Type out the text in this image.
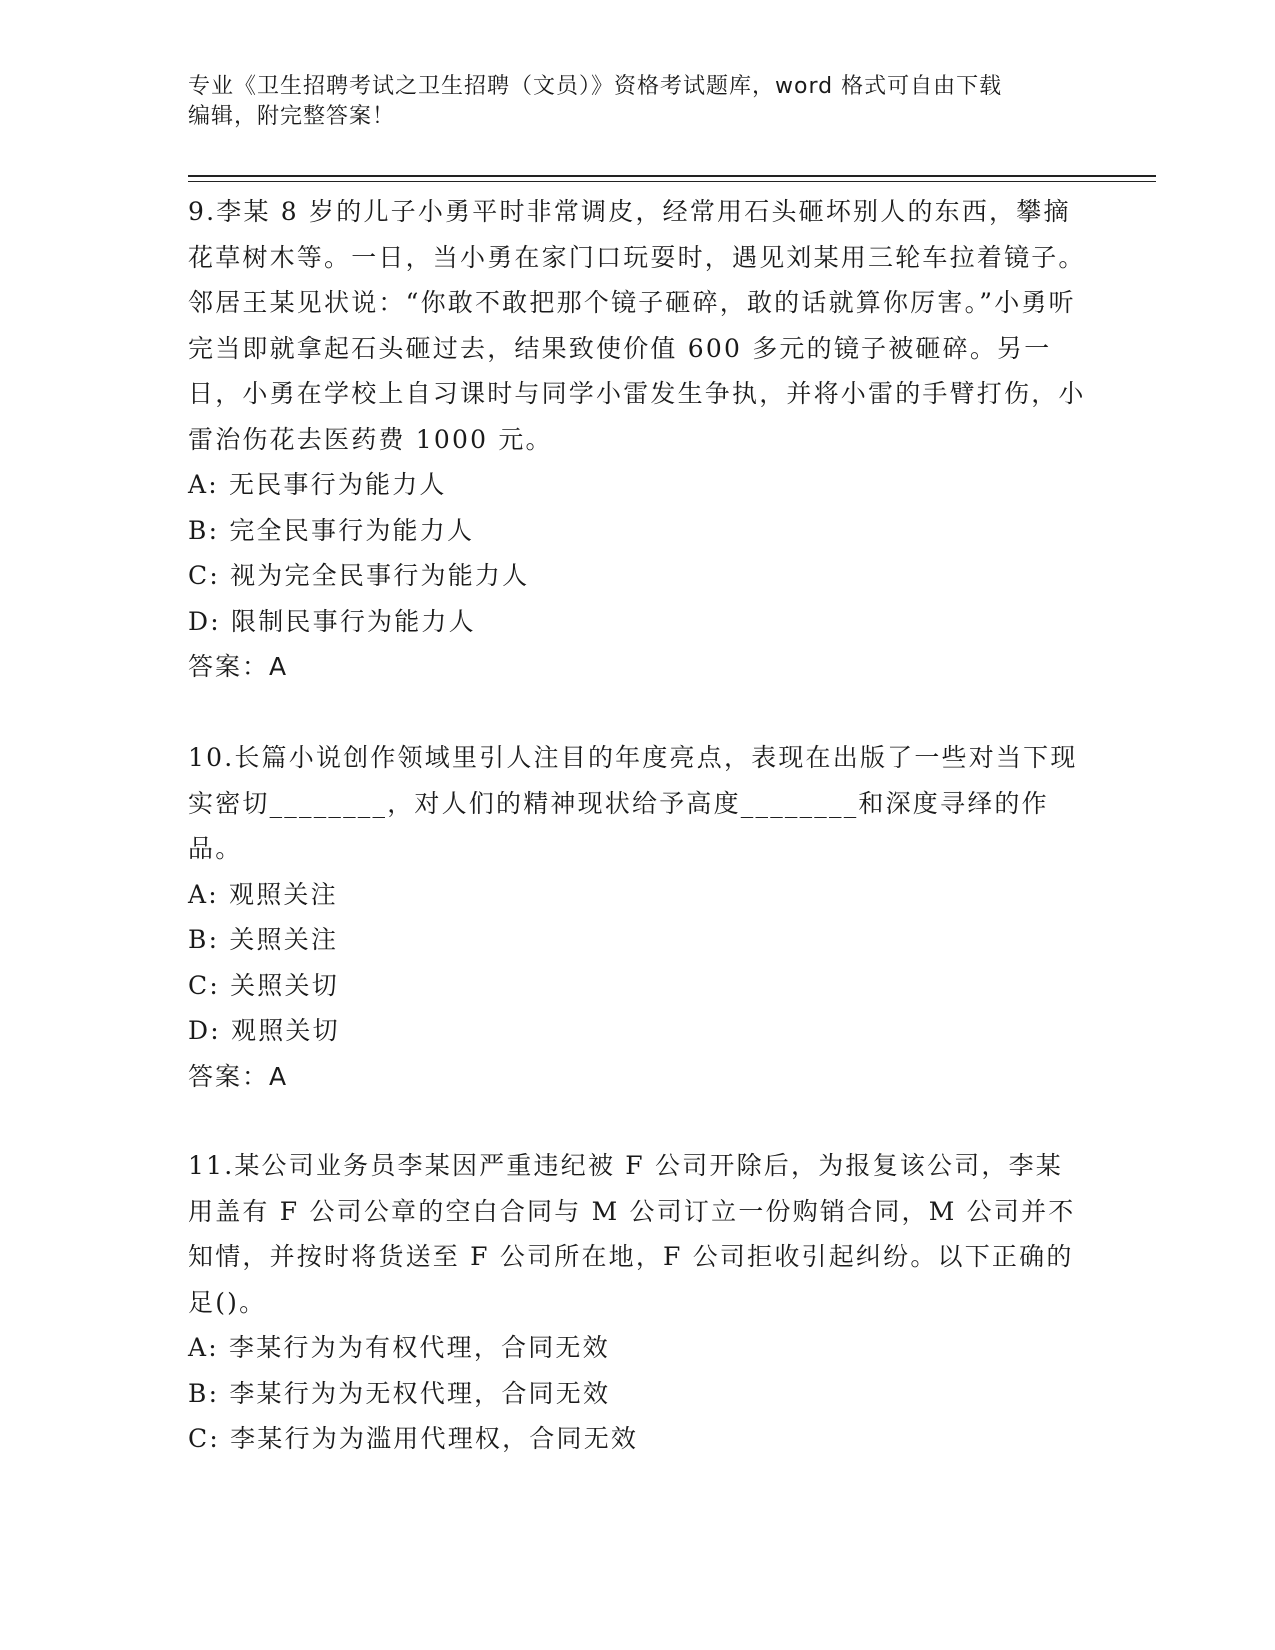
专业《卫生招聘考试之卫生招聘（文员）》资格考试题库，word 格式可自由下载
编辑，附完整答案！

9.李某 8 岁的儿子小勇平时非常调皮，经常用石头砸坏别人的东西，攀摘花草树木等。一日，当小勇在家门口玩耍时，遇见刘某用三轮车拉着镜子。邻居王某见状说：“你敢不敢把那个镜子砸碎，敢的话就算你厉害。”小勇听完当即就拿起石头砸过去，结果致使价值 600 多元的镜子被砸碎。另一日，小勇在学校上自习课时与同学小雷发生争执，并将小雷的手臂打伤，小雷治伤花去医药费 1000 元。

A: 无民事行为能力人

B: 完全民事行为能力人

C: 视为完全民事行为能力人

D: 限制民事行为能力人

答案：A

10.长篇小说创作领域里引人注目的年度亮点，表现在出版了一些对当下现实密切________，对人们的精神现状给予高度________和深度寻绎的作品。

A: 观照关注

B: 关照关注

C: 关照关切

D: 观照关切

答案：A

11.某公司业务员李某因严重违纪被 F 公司开除后，为报复该公司，李某用盖有 F 公司公章的空白合同与 M 公司订立一份购销合同，M 公司并不知情，并按时将货送至 F 公司所在地，F 公司拒收引起纠纷。以下正确的足()。

A: 李某行为为有权代理，合同无效

B: 李某行为为无权代理，合同无效

C: 李某行为为滥用代理权，合同无效
